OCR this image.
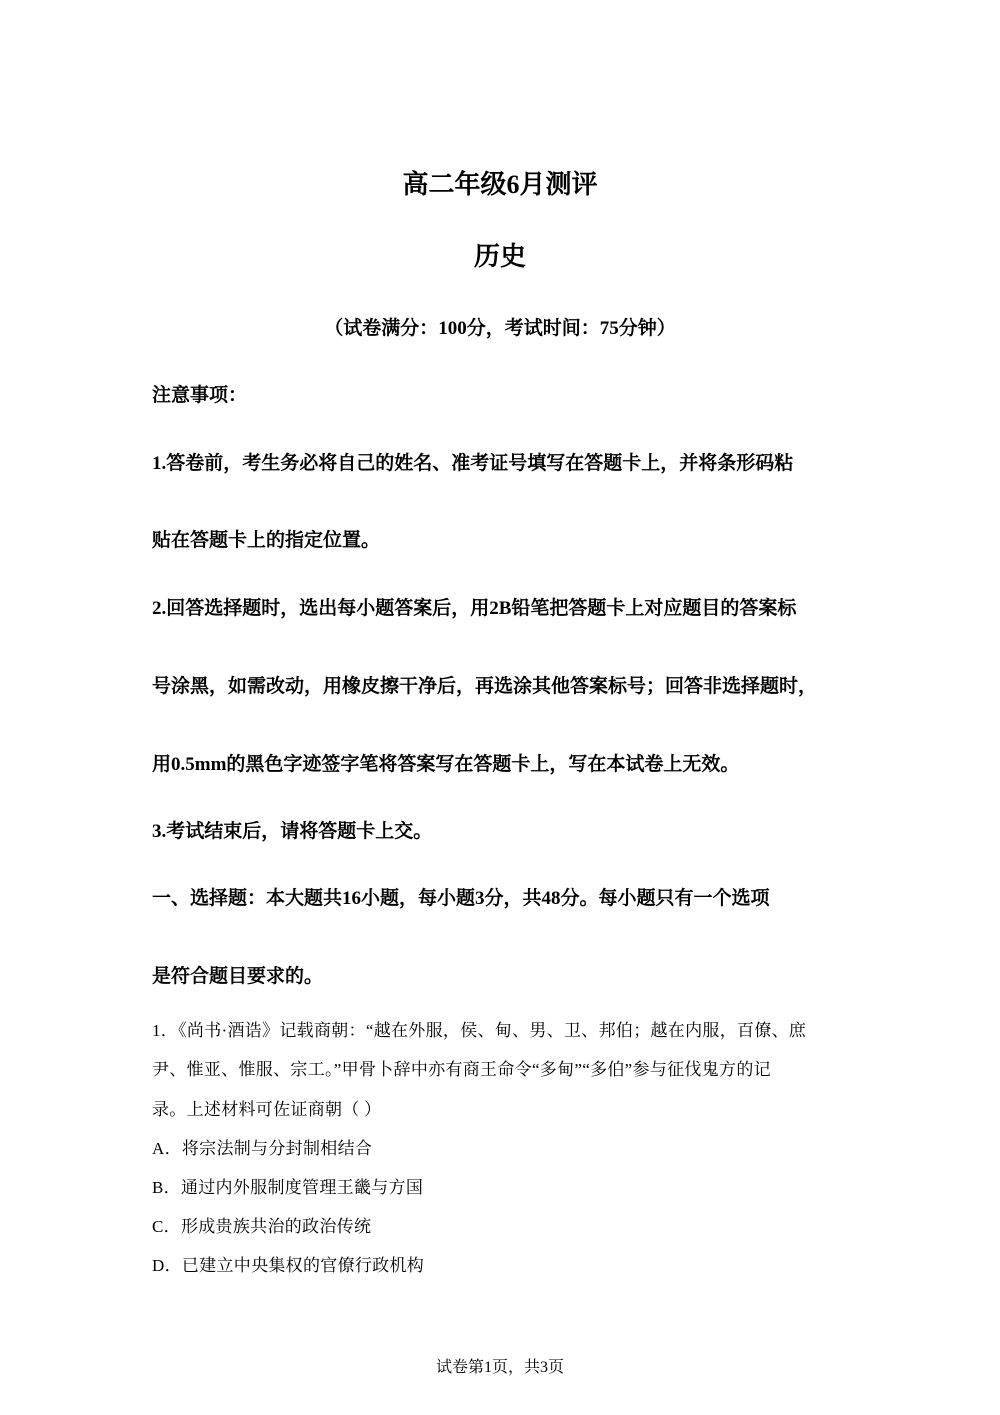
高二年级6月测评
历史
（试卷满分：100分，考试时间：75分钟）
注意事项：
1.答卷前，考生务必将自己的姓名、准考证号填写在答题卡上，并将条形码粘
贴在答题卡上的指定位置。
2.回答选择题时，选出每小题答案后，用2B铅笔把答题卡上对应题目的答案标
号涂黑，如需改动，用橡皮擦干净后，再选涂其他答案标号；回答非选择题时，
用0.5mm的黑色字迹签字笔将答案写在答题卡上，写在本试卷上无效。
3.考试结束后，请将答题卡上交。
一、选择题：本大题共16小题，每小题3分，共48分。每小题只有一个选项
是符合题目要求的。
1．《尚书·酒诰》记载商朝：“越在外服，侯、甸、男、卫、邦伯；越在内服，百僚、庶
尹、惟亚、惟服、宗工。”甲骨卜辞中亦有商王命令“多甸”“多伯”参与征伐鬼方的记
录。上述材料可佐证商朝（ ）
A．将宗法制与分封制相结合
B．通过内外服制度管理王畿与方国
C．形成贵族共治的政治传统
D．已建立中央集权的官僚行政机构
试卷第1页，共3页
